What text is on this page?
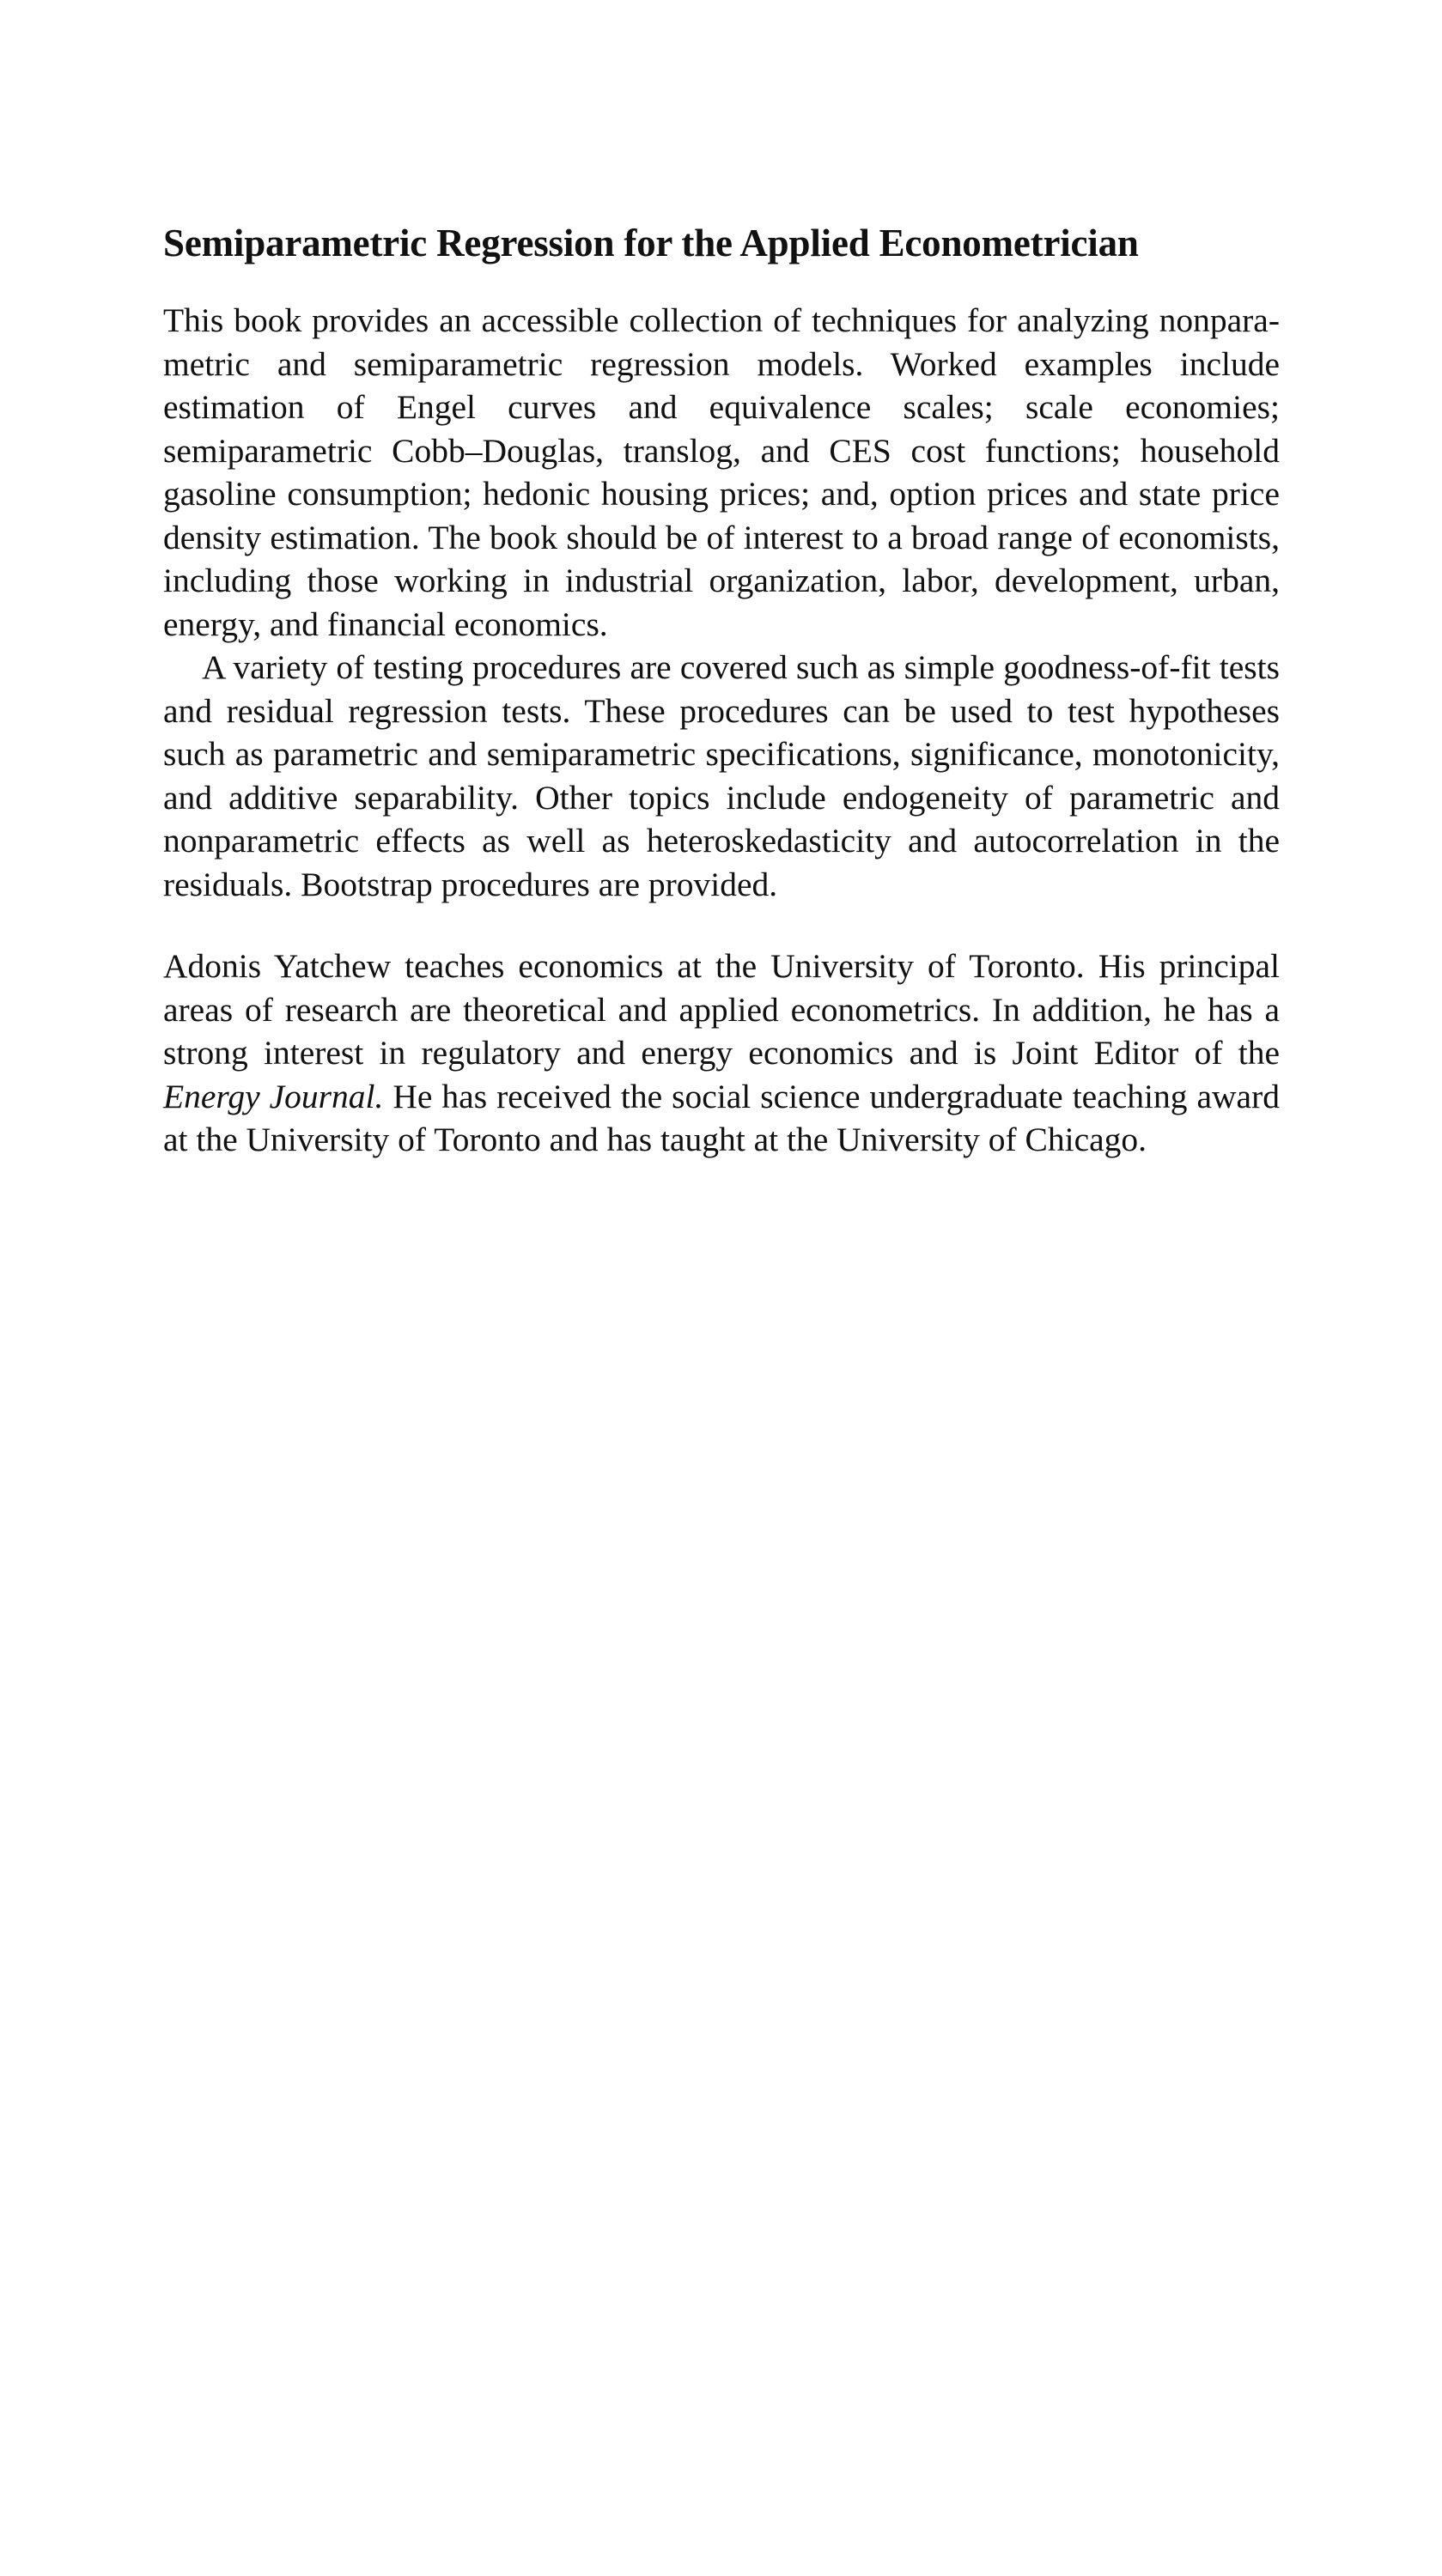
Semiparametric Regression for the Applied Econometrician

This book provides an accessible collection of techniques for analyzing nonparametric and semiparametric regression models. Worked examples include estimation of Engel curves and equivalence scales; scale economies; semiparametric Cobb–Douglas, translog, and CES cost functions; household gasoline consumption; hedonic housing prices; and, option prices and state price density estimation. The book should be of interest to a broad range of economists, including those working in industrial organization, labor, development, urban, energy, and financial economics.

A variety of testing procedures are covered such as simple goodness-of-fit tests and residual regression tests. These procedures can be used to test hypotheses such as parametric and semiparametric specifications, significance, monotonicity, and additive separability. Other topics include endogeneity of parametric and nonparametric effects as well as heteroskedasticity and autocorrelation in the residuals. Bootstrap procedures are provided.

Adonis Yatchew teaches economics at the University of Toronto. His principal areas of research are theoretical and applied econometrics. In addition, he has a strong interest in regulatory and energy economics and is Joint Editor of the Energy Journal. He has received the social science undergraduate teaching award at the University of Toronto and has taught at the University of Chicago.
